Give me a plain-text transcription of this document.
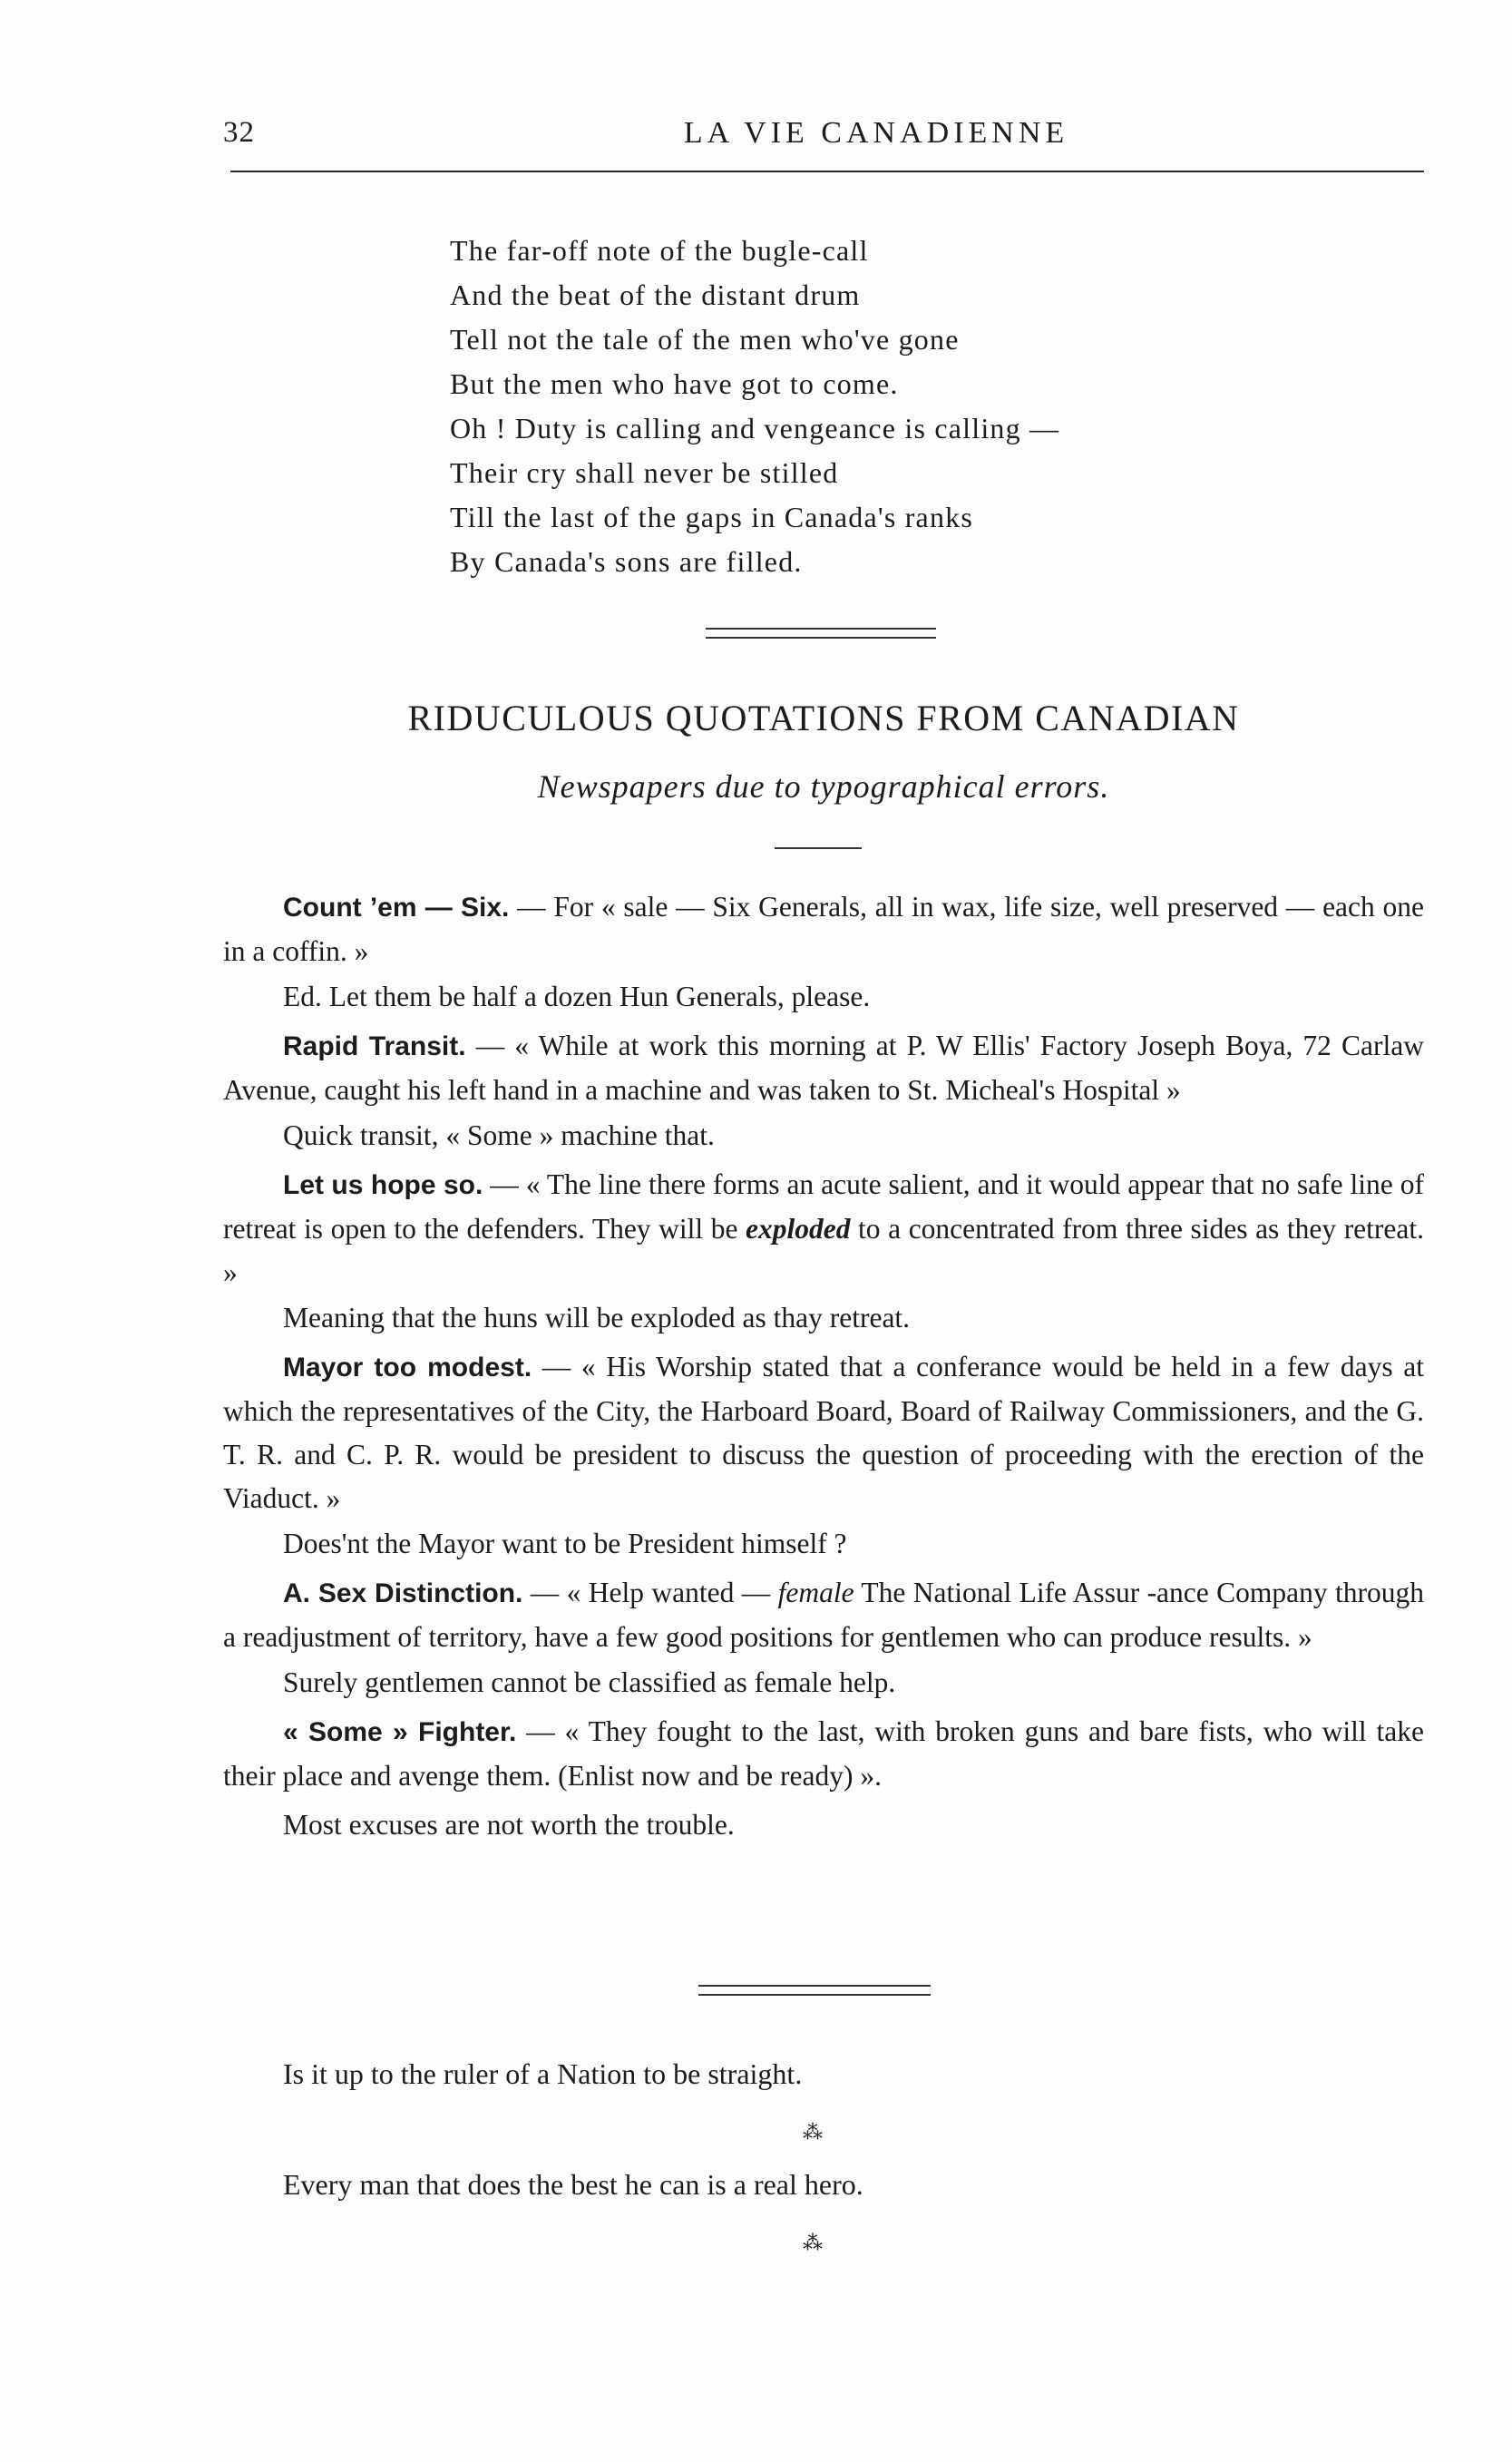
32	LA VIE CANADIENNE
The far-off note of the bugle-call
And the beat of the distant drum
Tell not the tale of the men who've gone
But the men who have got to come.
Oh ! Duty is calling and vengeance is calling —
Their cry shall never be stilled
Till the last of the gaps in Canada's ranks
By Canada's sons are filled.
RIDUCULOUS QUOTATIONS FROM CANADIAN
Newspapers due to typographical errors.

Count ’em — Six. — For « sale — Six Generals, all in wax, life size, well preserved — each one in a coffin. »

Ed. Let them be half a dozen Hun Generals, please.

Rapid Transit. — « While at work this morning at P. W Ellis' Factory Joseph Boya, 72 Carlaw Avenue, caught his left hand in a machine and was taken to St. Micheal's Hospital »

Quick transit, « Some » machine that.

Let us hope so. — « The line there forms an acute salient, and it would appear that no safe line of retreat is open to the defenders. They will be exploded to a concentrated from three sides as they retreat. »

Meaning that the huns will be exploded as thay retreat.

Mayor too modest. — « His Worship stated that a conferance would be held in a few days at which the representatives of the City, the Harboard Board, Board of Railway Commissioners, and the G. T. R. and C. P. R. would be president to discuss the question of proceeding with the erection of the Viaduct. »

Does'nt the Mayor want to be President himself ?

A. Sex Distinction. — « Help wanted — female The National Life Assur -ance Company through a readjustment of territory, have a few good positions for gentlemen who can produce results. »

Surely gentlemen cannot be classified as female help.

« Some » Fighter. — « They fought to the last, with broken guns and bare fists, who will take their place and avenge them. (Enlist now and be ready) ».

Most excuses are not worth the trouble.

Is it up to the ruler of a Nation to be straight.

⁂

Every man that does the best he can is a real hero.

⁂
